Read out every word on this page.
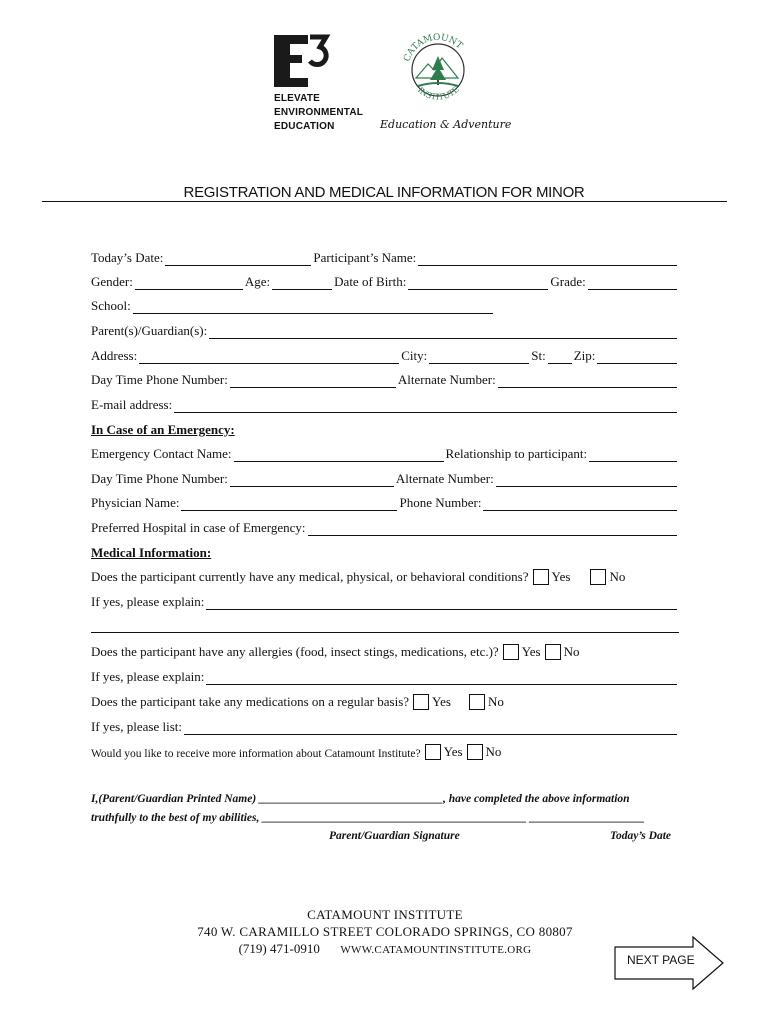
ELEVATE
ENVIRONMENTAL
EDUCATION
CATAMOUNT
INSTITUTE
Education & Adventure
REGISTRATION AND MEDICAL INFORMATION FOR MINOR
Today’s Date:	Participant’s Name:
Gender:	Age:	Date of Birth:	Grade:
School:
Parent(s)/Guardian(s):
Address:	City:	St: Zip:
Day Time Phone Number:	Alternate Number:
E-mail address:
In Case of an Emergency:
Emergency Contact Name:	Relationship to participant:
Day Time Phone Number:	Alternate Number:
Physician Name:	Phone Number:
Preferred Hospital in case of Emergency:
Medical Information:
Does the participant currently have any medical, physical, or behavioral conditions? Yes	No
If yes, please explain:
Does the participant have any allergies (food, insect stings, medications, etc.)? Yes No
If yes, please explain:
Does the participant take any medications on a regular basis? Yes	No
If yes, please list:
Would you like to receive more information about Catamount Institute? Yes No
I,(Parent/Guardian Printed Name) ________________________________, have completed the above information
truthfully to the best of my abilities, ______________________________________________ ____________________
Parent/Guardian Signature	Today’s Date
CATAMOUNT INSTITUTE
740 W. CARAMILLO STREET COLORADO SPRINGS, CO 80807
(719) 471-0910 WWW.CATAMOUNTINSTITUTE.ORG
NEXT PAGE
